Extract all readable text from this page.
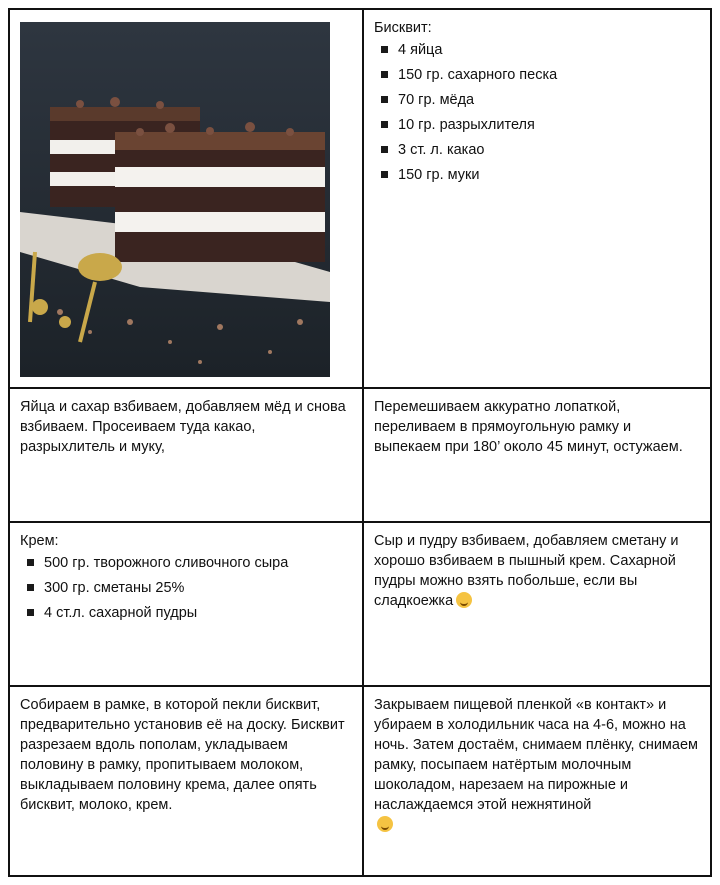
Бисквит:
4 яйца
150 гр. сахарного песка
70 гр. мёда
10 гр. разрыхлителя
3 ст. л. какао
150 гр. муки
Яйца и сахар взбиваем, добавляем мёд и снова взбиваем. Просеиваем туда какао, разрыхлитель и муку,
Перемешиваем аккуратно лопаткой, переливаем в прямоугольную рамку и выпекаем при 180’ около 45 минут, остужаем.
Крем:
500 гр. творожного сливочного сыра
300 гр. сметаны 25%
4 ст.л. сахарной пудры
Сыр и пудру взбиваем, добавляем сметану и хорошо взбиваем в пышный крем. Сахарной пудры можно взять побольше, если вы сладкоежка
Собираем в рамке, в которой пекли бисквит, предварительно установив её на доску. Бисквит разрезаем вдоль пополам, укладываем половину в рамку, пропитываем молоком, выкладываем половину крема, далее опять бисквит, молоко, крем.
Закрываем пищевой пленкой «в контакт» и убираем в холодильник часа на 4-6, можно на ночь. Затем достаём, снимаем плёнку, снимаем рамку, посыпаем натёртым молочным шоколадом, нарезаем на пирожные и наслаждаемся этой нежнятиной
